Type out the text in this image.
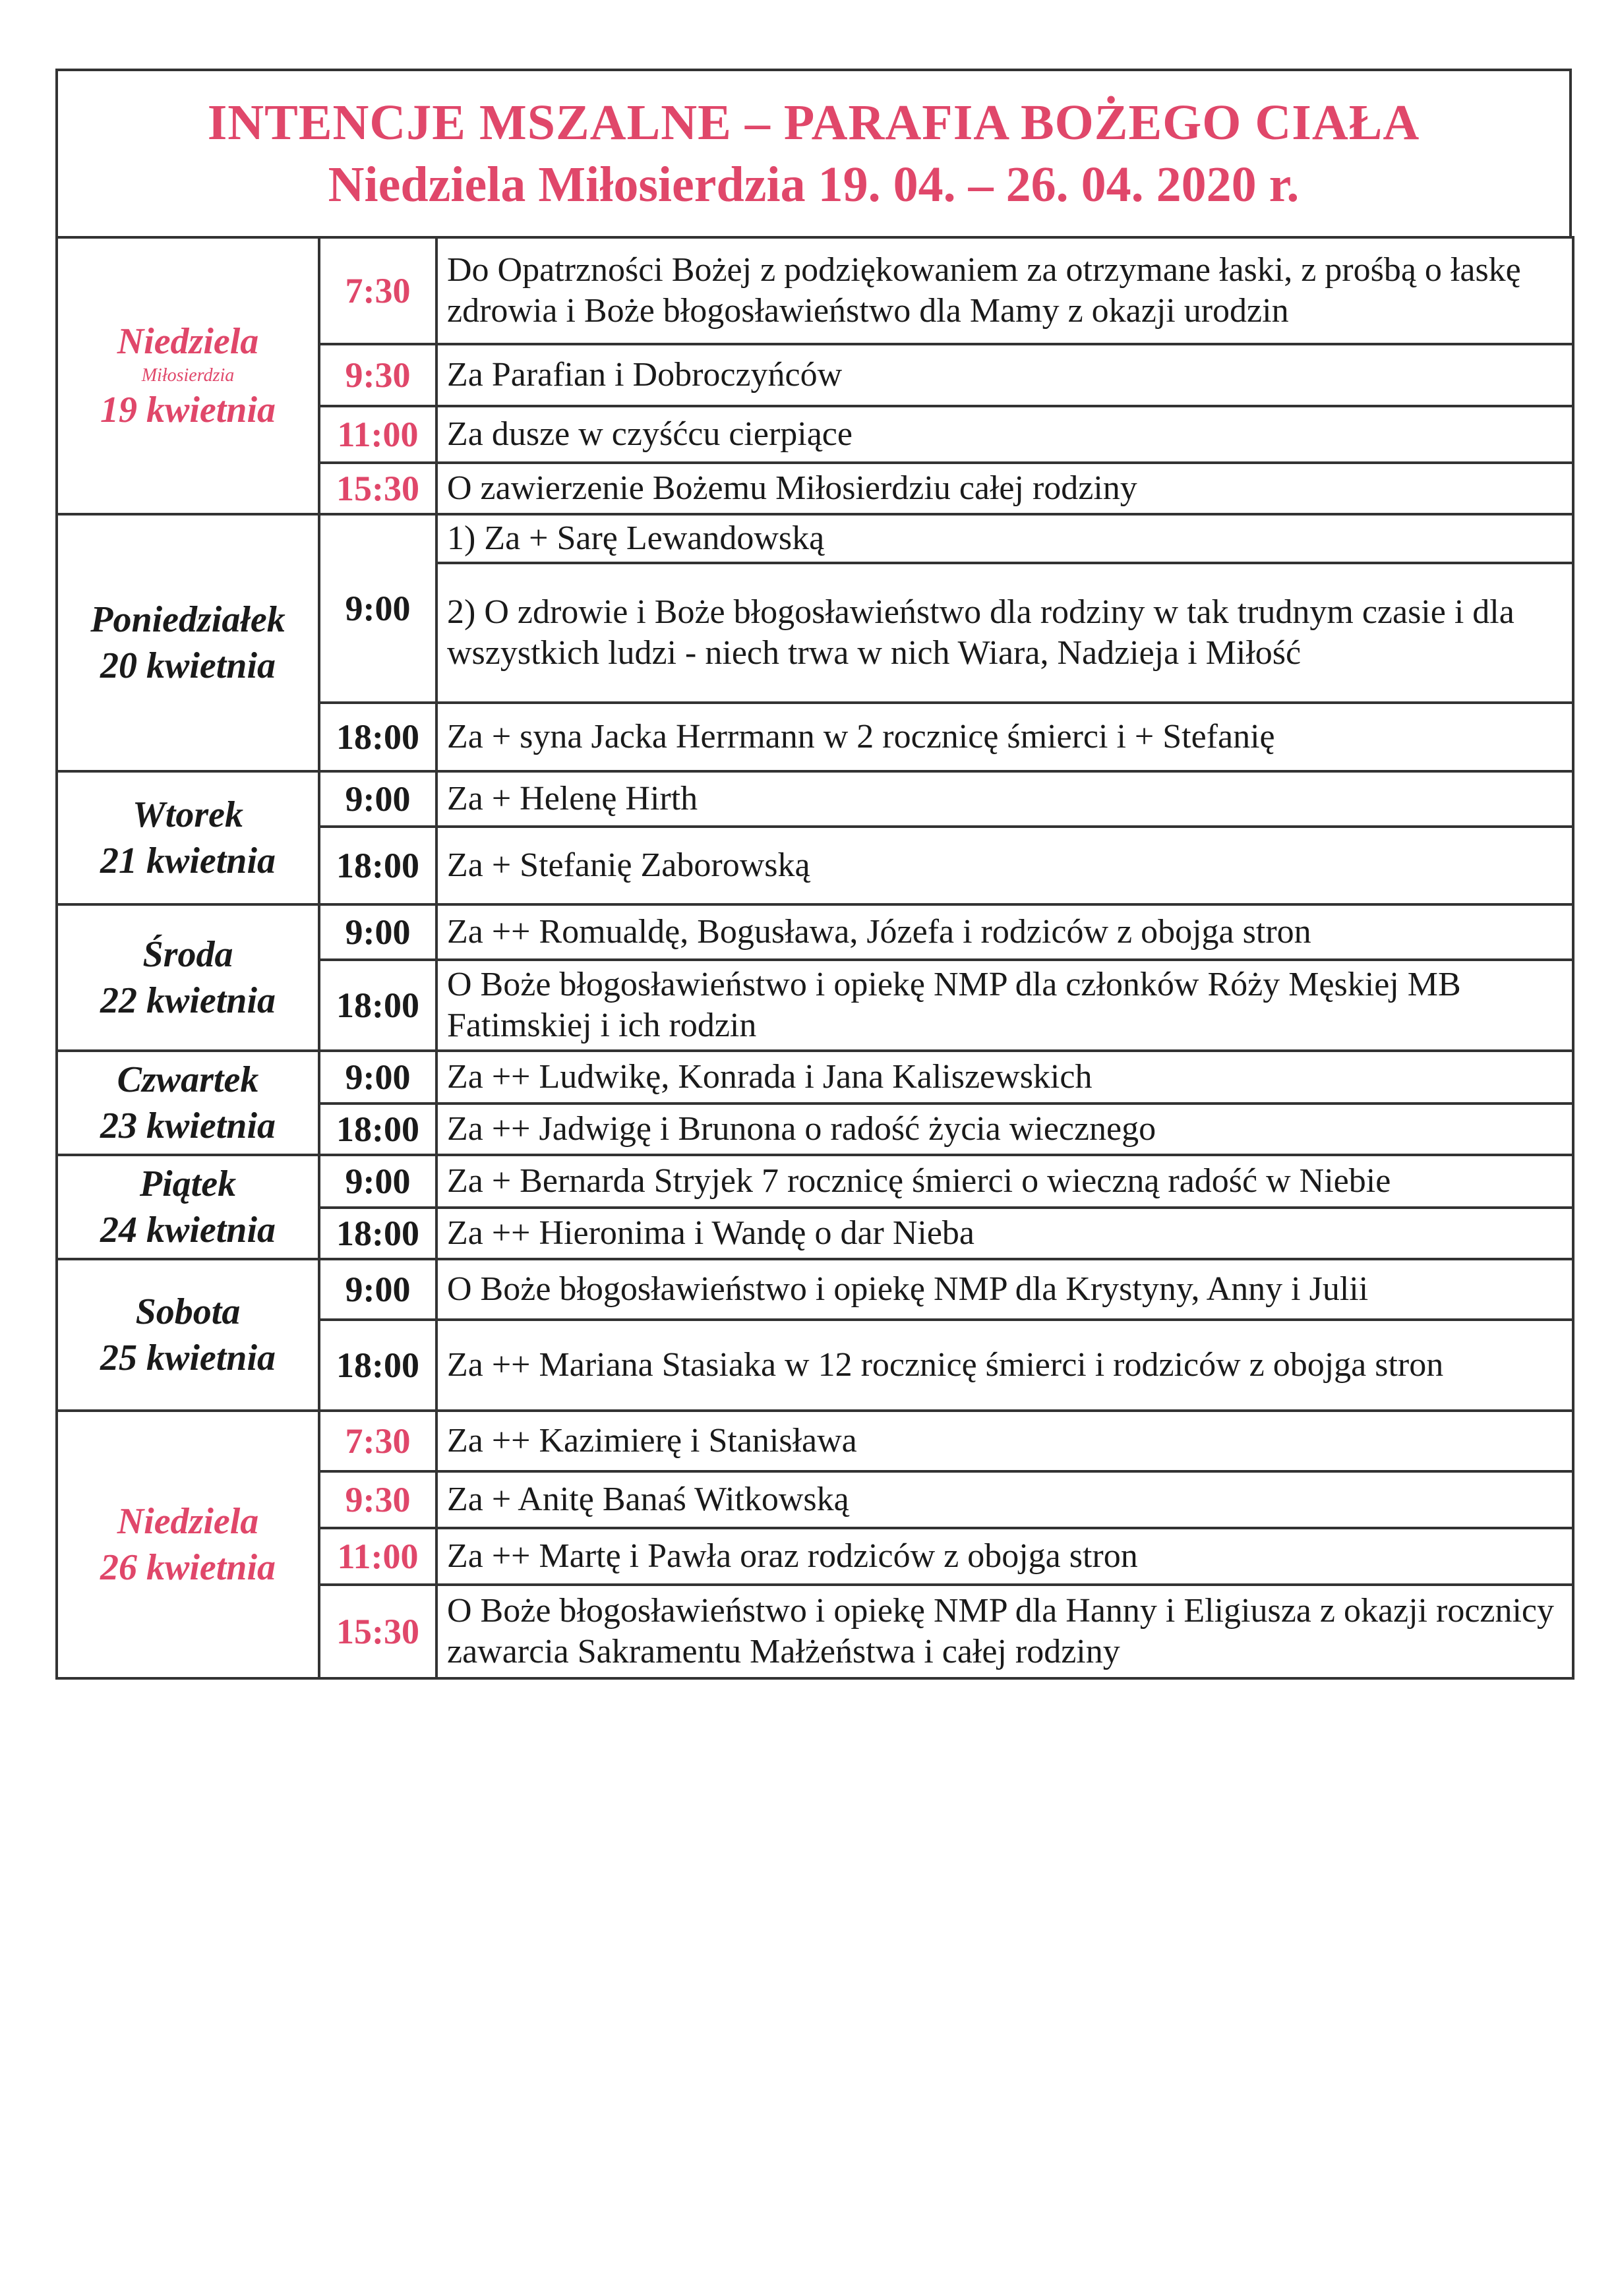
INTENCJE MSZALNE – PARAFIA BOŻEGO CIAŁA
Niedziela Miłosierdzia 19. 04. – 26. 04. 2020 r.
Niedziela
Miłosierdzia
19 kwietnia	7:30	Do Opatrzności Bożej z podziękowaniem za otrzymane łaski, z prośbą o łaskę zdrowia i Boże błogosławieństwo dla Mamy z okazji urodzin
	9:30	Za Parafian i Dobroczyńców
	11:00	Za dusze w czyśćcu cierpiące
	15:30	O zawierzenie Bożemu Miłosierdziu całej rodziny

Poniedziałek
20 kwietnia	9:00	1) Za + Sarę Lewandowską
		2) O zdrowie i Boże błogosławieństwo dla rodziny w tak trudnym czasie i dla wszystkich ludzi - niech trwa w nich Wiara, Nadzieja i Miłość
	18:00	Za + syna Jacka Herrmann w 2 rocznicę śmierci i + Stefanię

Wtorek
21 kwietnia	9:00	Za + Helenę Hirth
	18:00	Za + Stefanię Zaborowską

Środa
22 kwietnia	9:00	Za ++ Romualdę, Bogusława, Józefa i rodziców z obojga stron
	18:00	O Boże błogosławieństwo i opiekę NMP dla członków Róży Męskiej MB Fatimskiej i ich rodzin

Czwartek
23 kwietnia	9:00	Za ++ Ludwikę, Konrada i Jana Kaliszewskich
	18:00	Za ++ Jadwigę i Brunona o radość życia wiecznego

Piątek
24 kwietnia	9:00	Za + Bernarda Stryjek 7 rocznicę śmierci o wieczną radość w Niebie
	18:00	Za ++ Hieronima i Wandę o dar Nieba

Sobota
25 kwietnia	9:00	O Boże błogosławieństwo i opiekę NMP dla Krystyny, Anny i Julii
	18:00	Za ++ Mariana Stasiaka w 12 rocznicę śmierci i rodziców z obojga stron

Niedziela
26 kwietnia	7:30	Za ++ Kazimierę i Stanisława
	9:30	Za + Anitę Banaś Witkowską
	11:00	Za ++ Martę i Pawła oraz rodziców z obojga stron
	15:30	O Boże błogosławieństwo i opiekę NMP dla Hanny i Eligiusza z okazji rocznicy zawarcia Sakramentu Małżeństwa i całej rodziny
